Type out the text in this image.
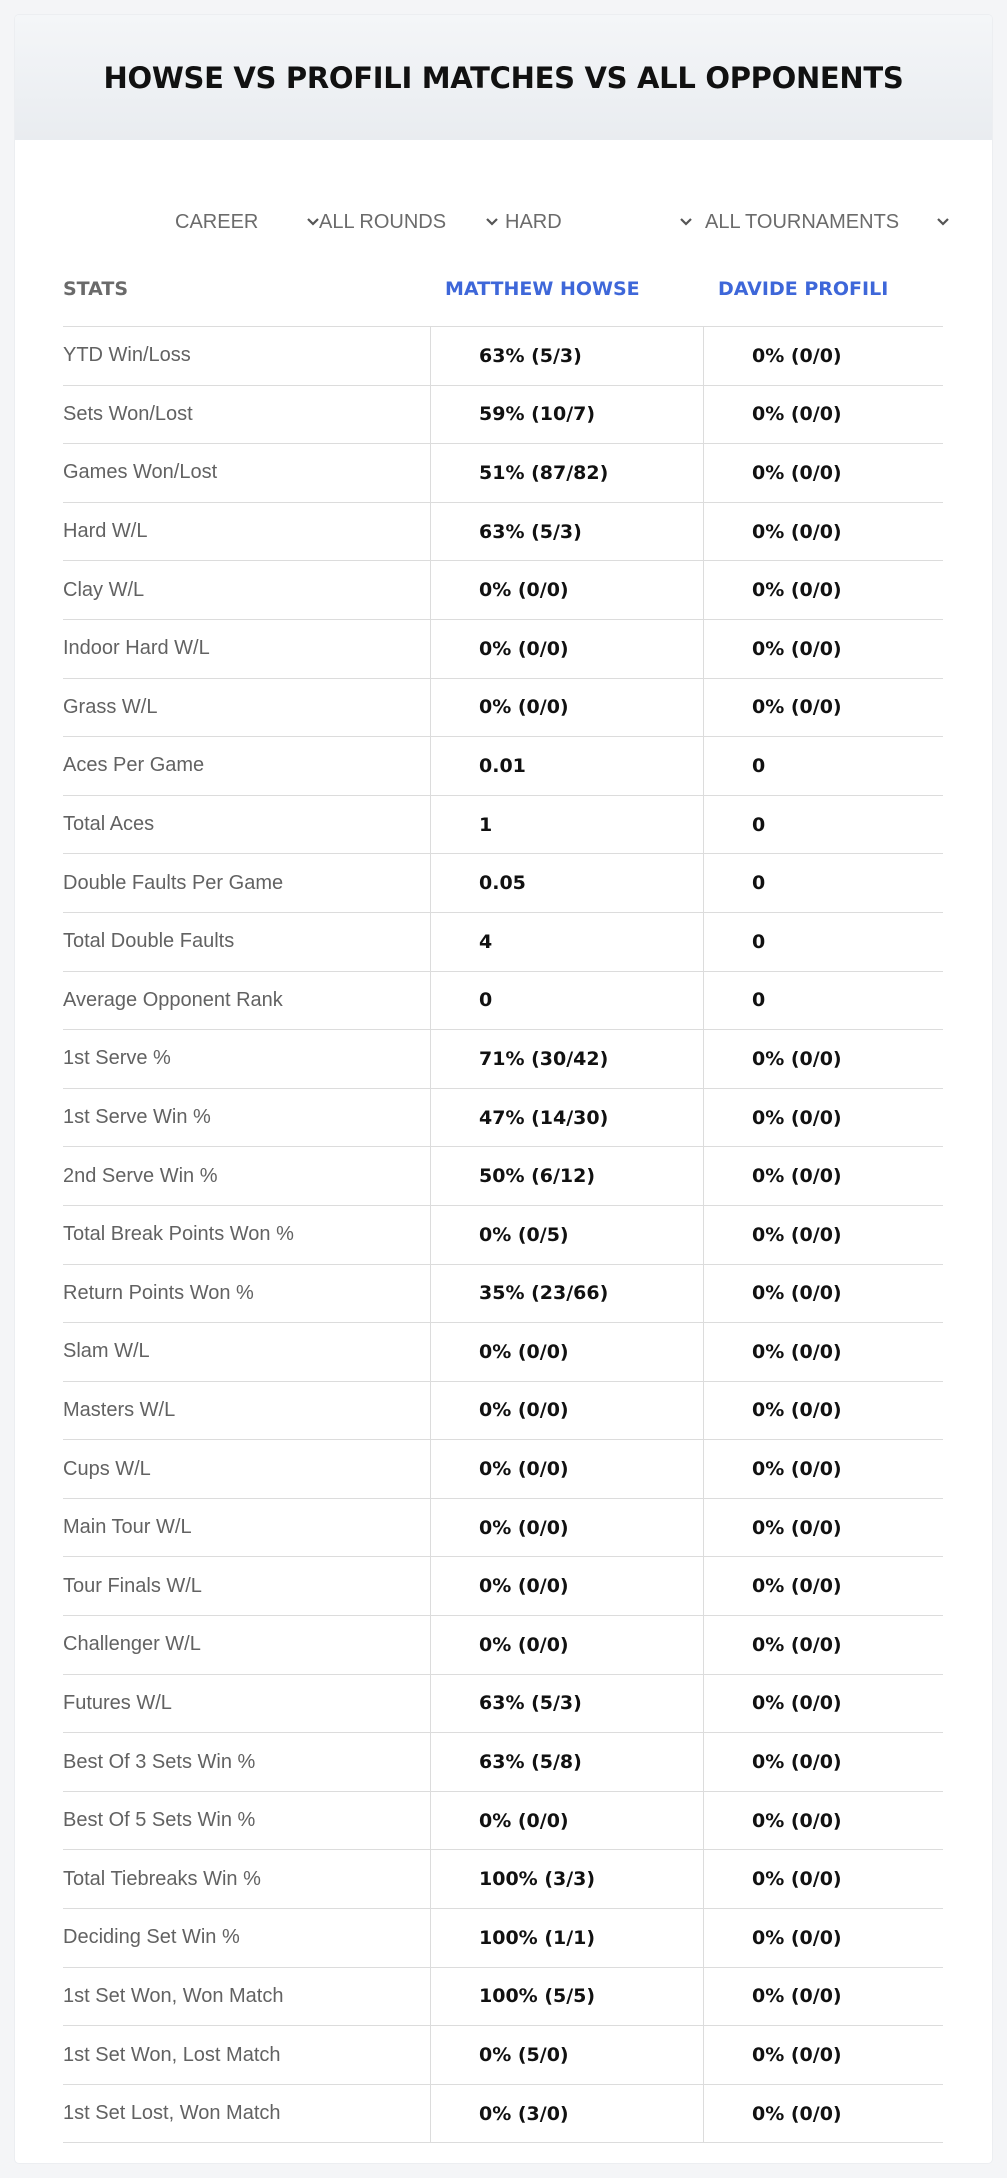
HOWSE VS PROFILI MATCHES VS ALL OPPONENTS
CAREER	ALL ROUNDS	HARD	ALL TOURNAMENTS
STATS	MATTHEW HOWSE	DAVIDE PROFILI
YTD Win/Loss	63% (5/3)	0% (0/0)
Sets Won/Lost	59% (10/7)	0% (0/0)
Games Won/Lost	51% (87/82)	0% (0/0)
Hard W/L	63% (5/3)	0% (0/0)
Clay W/L	0% (0/0)	0% (0/0)
Indoor Hard W/L	0% (0/0)	0% (0/0)
Grass W/L	0% (0/0)	0% (0/0)
Aces Per Game	0.01	0
Total Aces	1	0
Double Faults Per Game	0.05	0
Total Double Faults	4	0
Average Opponent Rank	0	0
1st Serve %	71% (30/42)	0% (0/0)
1st Serve Win %	47% (14/30)	0% (0/0)
2nd Serve Win %	50% (6/12)	0% (0/0)
Total Break Points Won %	0% (0/5)	0% (0/0)
Return Points Won %	35% (23/66)	0% (0/0)
Slam W/L	0% (0/0)	0% (0/0)
Masters W/L	0% (0/0)	0% (0/0)
Cups W/L	0% (0/0)	0% (0/0)
Main Tour W/L	0% (0/0)	0% (0/0)
Tour Finals W/L	0% (0/0)	0% (0/0)
Challenger W/L	0% (0/0)	0% (0/0)
Futures W/L	63% (5/3)	0% (0/0)
Best Of 3 Sets Win %	63% (5/8)	0% (0/0)
Best Of 5 Sets Win %	0% (0/0)	0% (0/0)
Total Tiebreaks Win %	100% (3/3)	0% (0/0)
Deciding Set Win %	100% (1/1)	0% (0/0)
1st Set Won, Won Match	100% (5/5)	0% (0/0)
1st Set Won, Lost Match	0% (5/0)	0% (0/0)
1st Set Lost, Won Match	0% (3/0)	0% (0/0)
